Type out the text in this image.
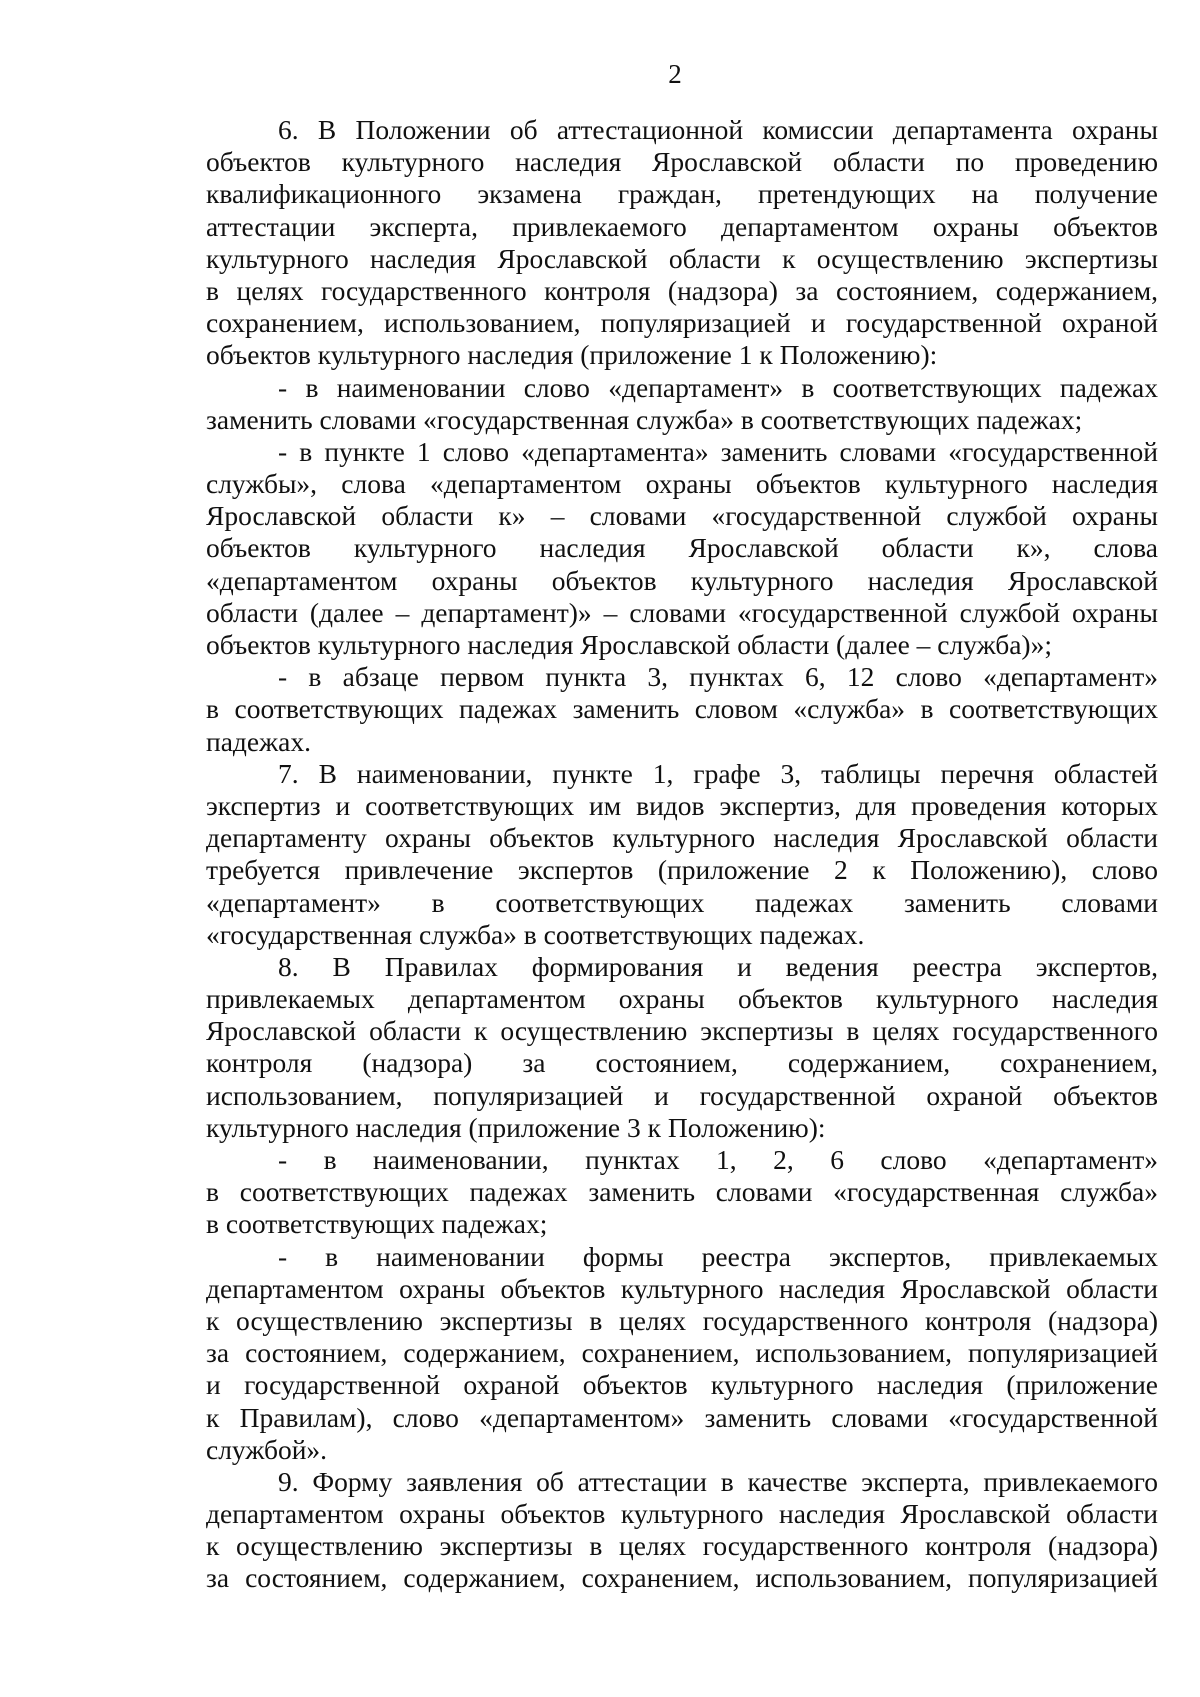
2
6. В Положении об аттестационной комиссии департамента охраны
объектов культурного наследия Ярославской области по проведению
квалификационного экзамена граждан, претендующих на получение
аттестации эксперта, привлекаемого департаментом охраны объектов
культурного наследия Ярославской области к осуществлению экспертизы
в целях государственного контроля (надзора) за состоянием, содержанием,
сохранением, использованием, популяризацией и государственной охраной
объектов культурного наследия (приложение 1 к Положению):
- в наименовании слово «департамент» в соответствующих падежах
заменить словами «государственная служба» в соответствующих падежах;
- в пункте 1 слово «департамента» заменить словами «государственной
службы», слова «департаментом охраны объектов культурного наследия
Ярославской области к» – словами «государственной службой охраны
объектов культурного наследия Ярославской области к», слова
«департаментом охраны объектов культурного наследия Ярославской
области (далее – департамент)» – словами «государственной службой охраны
объектов культурного наследия Ярославской области (далее – служба)»;
- в абзаце первом пункта 3, пунктах 6, 12 слово «департамент»
в соответствующих падежах заменить словом «служба» в соответствующих
падежах.
7. В наименовании, пункте 1, графе 3, таблицы перечня областей
экспертиз и соответствующих им видов экспертиз, для проведения которых
департаменту охраны объектов культурного наследия Ярославской области
требуется привлечение экспертов (приложение 2 к Положению), слово
«департамент» в соответствующих падежах заменить словами
«государственная служба» в соответствующих падежах.
8. В Правилах формирования и ведения реестра экспертов,
привлекаемых департаментом охраны объектов культурного наследия
Ярославской области к осуществлению экспертизы в целях государственного
контроля (надзора) за состоянием, содержанием, сохранением,
использованием, популяризацией и государственной охраной объектов
культурного наследия (приложение 3 к Положению):
- в наименовании, пунктах 1, 2, 6 слово «департамент»
в соответствующих падежах заменить словами «государственная служба»
в соответствующих падежах;
- в наименовании формы реестра экспертов, привлекаемых
департаментом охраны объектов культурного наследия Ярославской области
к осуществлению экспертизы в целях государственного контроля (надзора)
за состоянием, содержанием, сохранением, использованием, популяризацией
и государственной охраной объектов культурного наследия (приложение
к Правилам), слово «департаментом» заменить словами «государственной
службой».
9. Форму заявления об аттестации в качестве эксперта, привлекаемого
департаментом охраны объектов культурного наследия Ярославской области
к осуществлению экспертизы в целях государственного контроля (надзора)
за состоянием, содержанием, сохранением, использованием, популяризацией
